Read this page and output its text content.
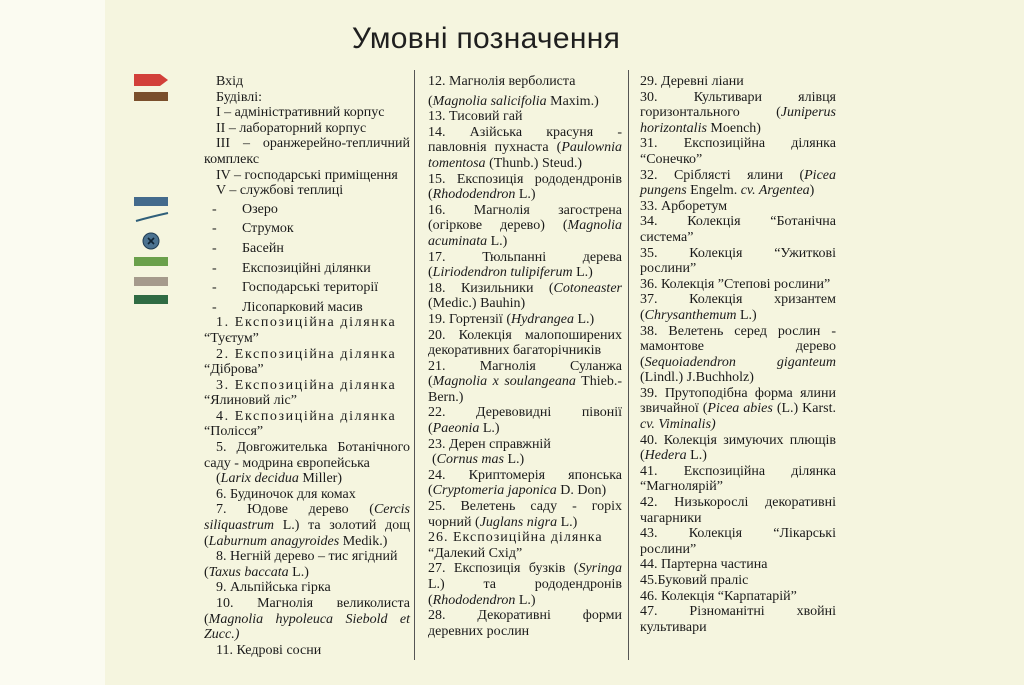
Умовні позначення
Вхід
Будівлі:
I – адміністративний корпус
II – лабораторний корпус
III – оранжерейно-тепличний комплекс
IV – господарські приміщення
V – службові теплиці
- Озеро
- Струмок
- Басейн
- Експозиційні ділянки
- Господарські території
- Лісопарковий масив
1. Експозиційна ділянка
“Туєтум”
2. Експозиційна ділянка
“Діброва”
3. Експозиційна ділянка
“Ялиновий ліс”
4. Експозиційна ділянка
“Полісся”
5. Довгожителька Ботанічного саду - модрина європейська
(Larix decidua Miller)
6. Будиночок для комах
7. Юдове дерево (Cercis siliquastrum L.) та золотий дощ (Laburnum anagyroides Medik.)
8. Негній дерево – тис ягідний
(Taxus baccata L.)
9. Альпійська гірка
10. Магнолія великолиста (Magnolia hypoleuca Siebold et Zucc.)
11. Кедрові сосни
12. Магнолія верболиста
(Magnolia salicifolia Maxim.)
13. Тисовий гай
14. Азійська красуня - павловнія пухнаста (Paulownia tomentosa (Thunb.) Steud.)
15. Експозиція рододендронів (Rhododendron L.)
16. Магнолія загострена (огіркове дерево) (Magnolia acuminata L.)
17. Тюльпанні дерева (Liriodendron tulipiferum L.)
18. Кизильники (Cotoneaster (Medic.) Bauhin)
19. Гортензії (Hydrangea L.)
20. Колекція малопоширених декоративних багаторічників
21. Магнолія Суланжа (Magnolia x soulangeana Thieb.- Bern.)
22. Дерeвовидні півонії (Paeonia L.)
23. Дерен справжній
(Cornus mas L.)
24. Криптомерія японська (Cryptomeria japonica D. Don)
25. Велетень саду - горіх чорний (Juglans nigra L.)
26. Експозиційна ділянка
“Далекий Схід”
27. Експозиція бузків (Syringa L.) та рододендронів (Rhododendron L.)
28. Декоративні форми деревних рослин
29. Деревні ліани
30. Культивари ялівця горизонтального (Juniperus horizontalis Moench)
31. Експозиційна ділянка “Сонечко”
32. Сріблясті ялини (Picea pungens Engelm. cv. Argentea)
33. Арборетум
34. Колекція “Ботанічна система”
35. Колекція “Ужиткові рослини”
36. Колекція ”Степові рослини”
37. Колекція хризантем (Chrysanthemum L.)
38. Велетень серед рослин - мамонтове дерево (Sequoiadendron giganteum (Lindl.) J.Buchholz)
39. Прутоподібна форма ялини звичайної (Picea abies (L.) Karst. cv. Viminalis)
40. Колекція зимуючих плющів (Hedera L.)
41. Експозиційна ділянка “Магнолярій”
42. Низькорослі декоративні чагарники
43. Колекція “Лікарські рослини”
44. Партерна частина
45.Буковий праліс
46. Колекція “Карпатарій”
47. Різноманітні хвойні культивари
